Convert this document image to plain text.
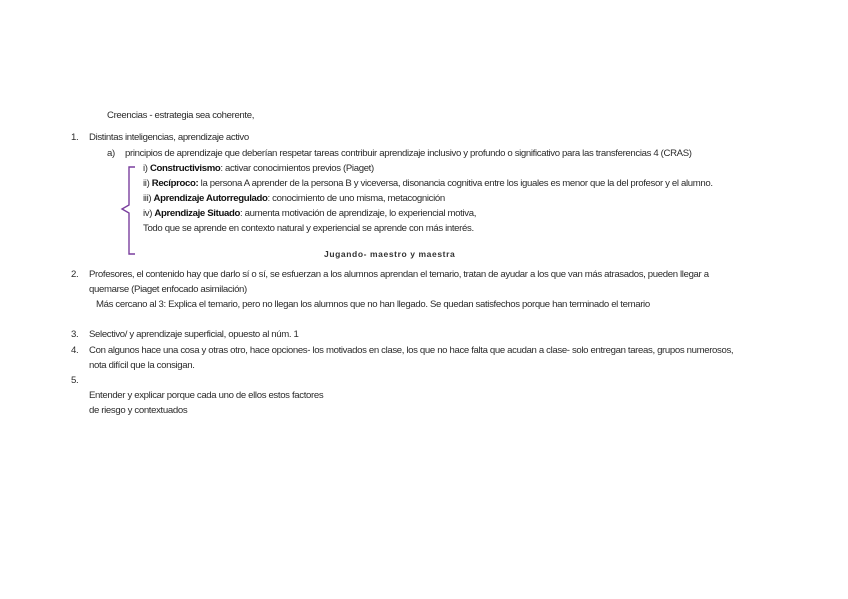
Creencias - estrategia sea coherente,
1. Distintas inteligencias, aprendizaje activo
a) principios de aprendizaje que deberían respetar tareas contribuir aprendizaje inclusivo y profundo o significativo para las transferencias 4 (CRAS)
i) Constructivismo: activar conocimientos previos (Piaget)
ii) Recíproco: la persona A aprender de la persona B y viceversa, disonancia cognitiva entre los iguales es menor que la del profesor y el alumno.
iii) Aprendizaje Autorregulado: conocimiento de uno misma, metacognición
iv) Aprendizaje Situado: aumenta motivación de aprendizaje, lo experiencial motiva,
Todo que se aprende en contexto natural y experiencial se aprende con más interés.
Jugando- maestro y maestra
2. Profesores, el contenido hay que darlo sí o sí, se esfuerzan a los alumnos aprendan el temario, tratan de ayudar a los que van más atrasados, pueden llegar a
quemarse (Piaget enfocado asimilación)
Más cercano al 3: Explica el temario, pero no llegan los alumnos que no han llegado. Se quedan satisfechos porque han terminado el temario
3. Selectivo/ y aprendizaje superficial, opuesto al núm. 1
4. Con algunos hace una cosa y otras otro, hace opciones- los motivados en clase, los que no hace falta que acudan a clase- solo entregan tareas, grupos numerosos,
nota difícil que la consigan.
5.
Entender y explicar porque cada uno de ellos estos factores
de riesgo y contextuados
